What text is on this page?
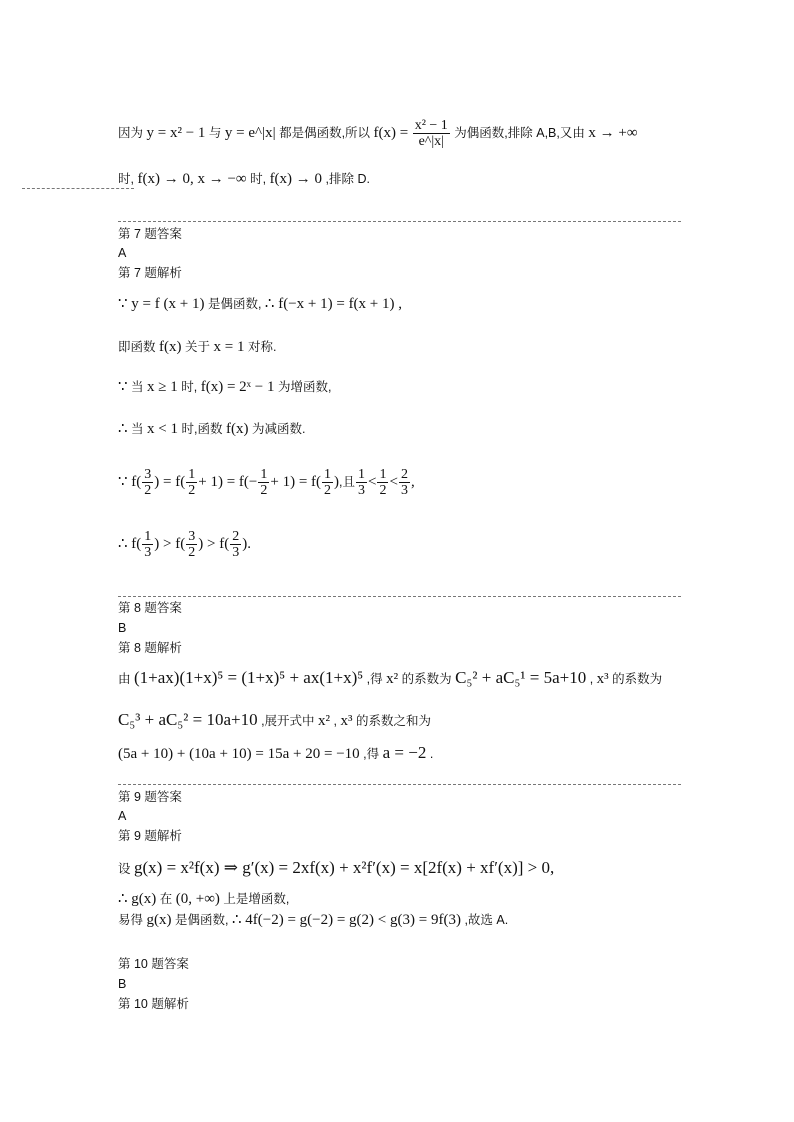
因为 y = x² − 1 与 y = e^|x| 都是偶函数,所以 $f(x) = \frac{\text{x² − 1}}{e\^{}|x|}$ 为偶函数,排除 A,B,又由 x → +∞
时, f(x) → 0, x → −∞ 时, f(x) → 0 ,排除 D.
第 7 题答案
A
第 7 题解析
∵ y = f (x + 1) 是偶函数, ∴ f(−x + 1) = f(x + 1) ,
即函数 f(x) 关于 x = 1 对称.
∵ 当 x ≥ 1 时, f(x) = 2ˣ − 1 为增函数,
∴ 当 x < 1 时,函数 f(x) 为减函数.
∵ $f( \frac{3}{2}$ ) = $f( \frac{1}{2} + 1) = f(- \frac{1}{2} + 1) = f( \frac{1}{2}$ ),且 $\frac{1}{3} < \frac{1}{2} < \frac{2}{3}$ ,
∴ $f( \frac{1}{3}$ ) > $f( \frac{3}{2}$ ) > $f( \frac{2}{3}$ ).
第 8 题答案
B
第 8 题解析
由 (1+ax)(1+x)⁵ = (1+x)⁵ + ax(1+x)⁵ ,得 x² 的系数为 C₅² + aC₅¹ = 5a+10 , x³ 的系数为
C₅³ + aC₅² = 10a+10 ,展开式中 x² , x³ 的系数之和为
(5a + 10) + (10a + 10) = 15a + 20 = −10 ,得 a = −2 .
第 9 题答案
A
第 9 题解析
设 g(x) = x²f(x) ⇒ g′(x) = 2xf(x) + x²f′(x) = x[2f(x) + xf′(x)] > 0,
∴ g(x) 在 (0, +∞) 上是增函数,
易得 g(x) 是偶函数, ∴ 4f(−2) = g(−2) = g(2) < g(3) = 9f(3) ,故选 A.
第 10 题答案
B
第 10 题解析
